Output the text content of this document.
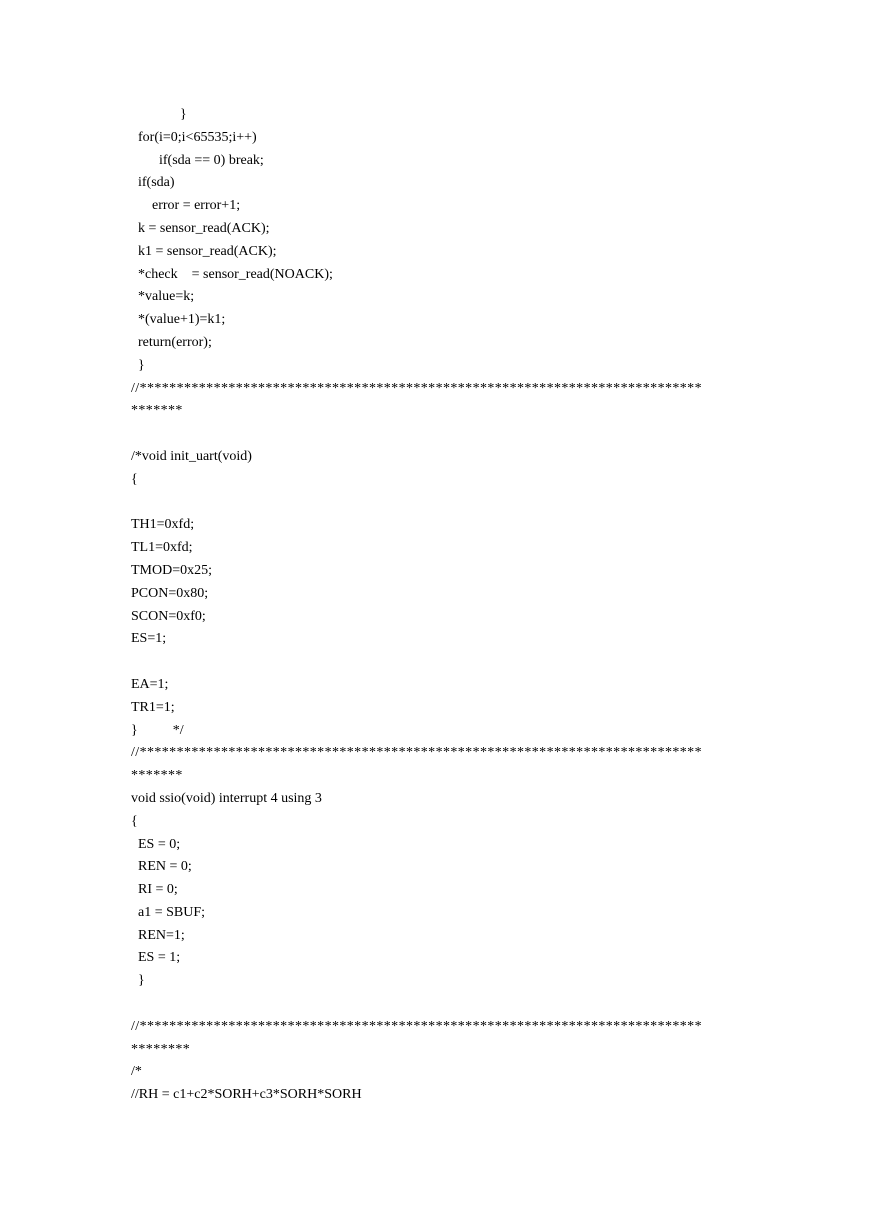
}
for(i=0;i<65535;i++)
if(sda == 0) break;
if(sda)
error = error+1;
k = sensor_read(ACK);
k1 = sensor_read(ACK);
*check    = sensor_read(NOACK);
*value=k;
*(value+1)=k1;
return(error);
}
//****************************************************************************
*******
/*void init_uart(void)
{
TH1=0xfd;
TL1=0xfd;
TMOD=0x25;
PCON=0x80;
SCON=0xf0;
ES=1;
EA=1;
TR1=1;
}          */
//****************************************************************************
*******
void ssio(void) interrupt 4 using 3
{
ES = 0;
REN = 0;
RI = 0;
a1 = SBUF;
REN=1;
ES = 1;
}
//****************************************************************************
********
/*
//RH = c1+c2*SORH+c3*SORH*SORH
